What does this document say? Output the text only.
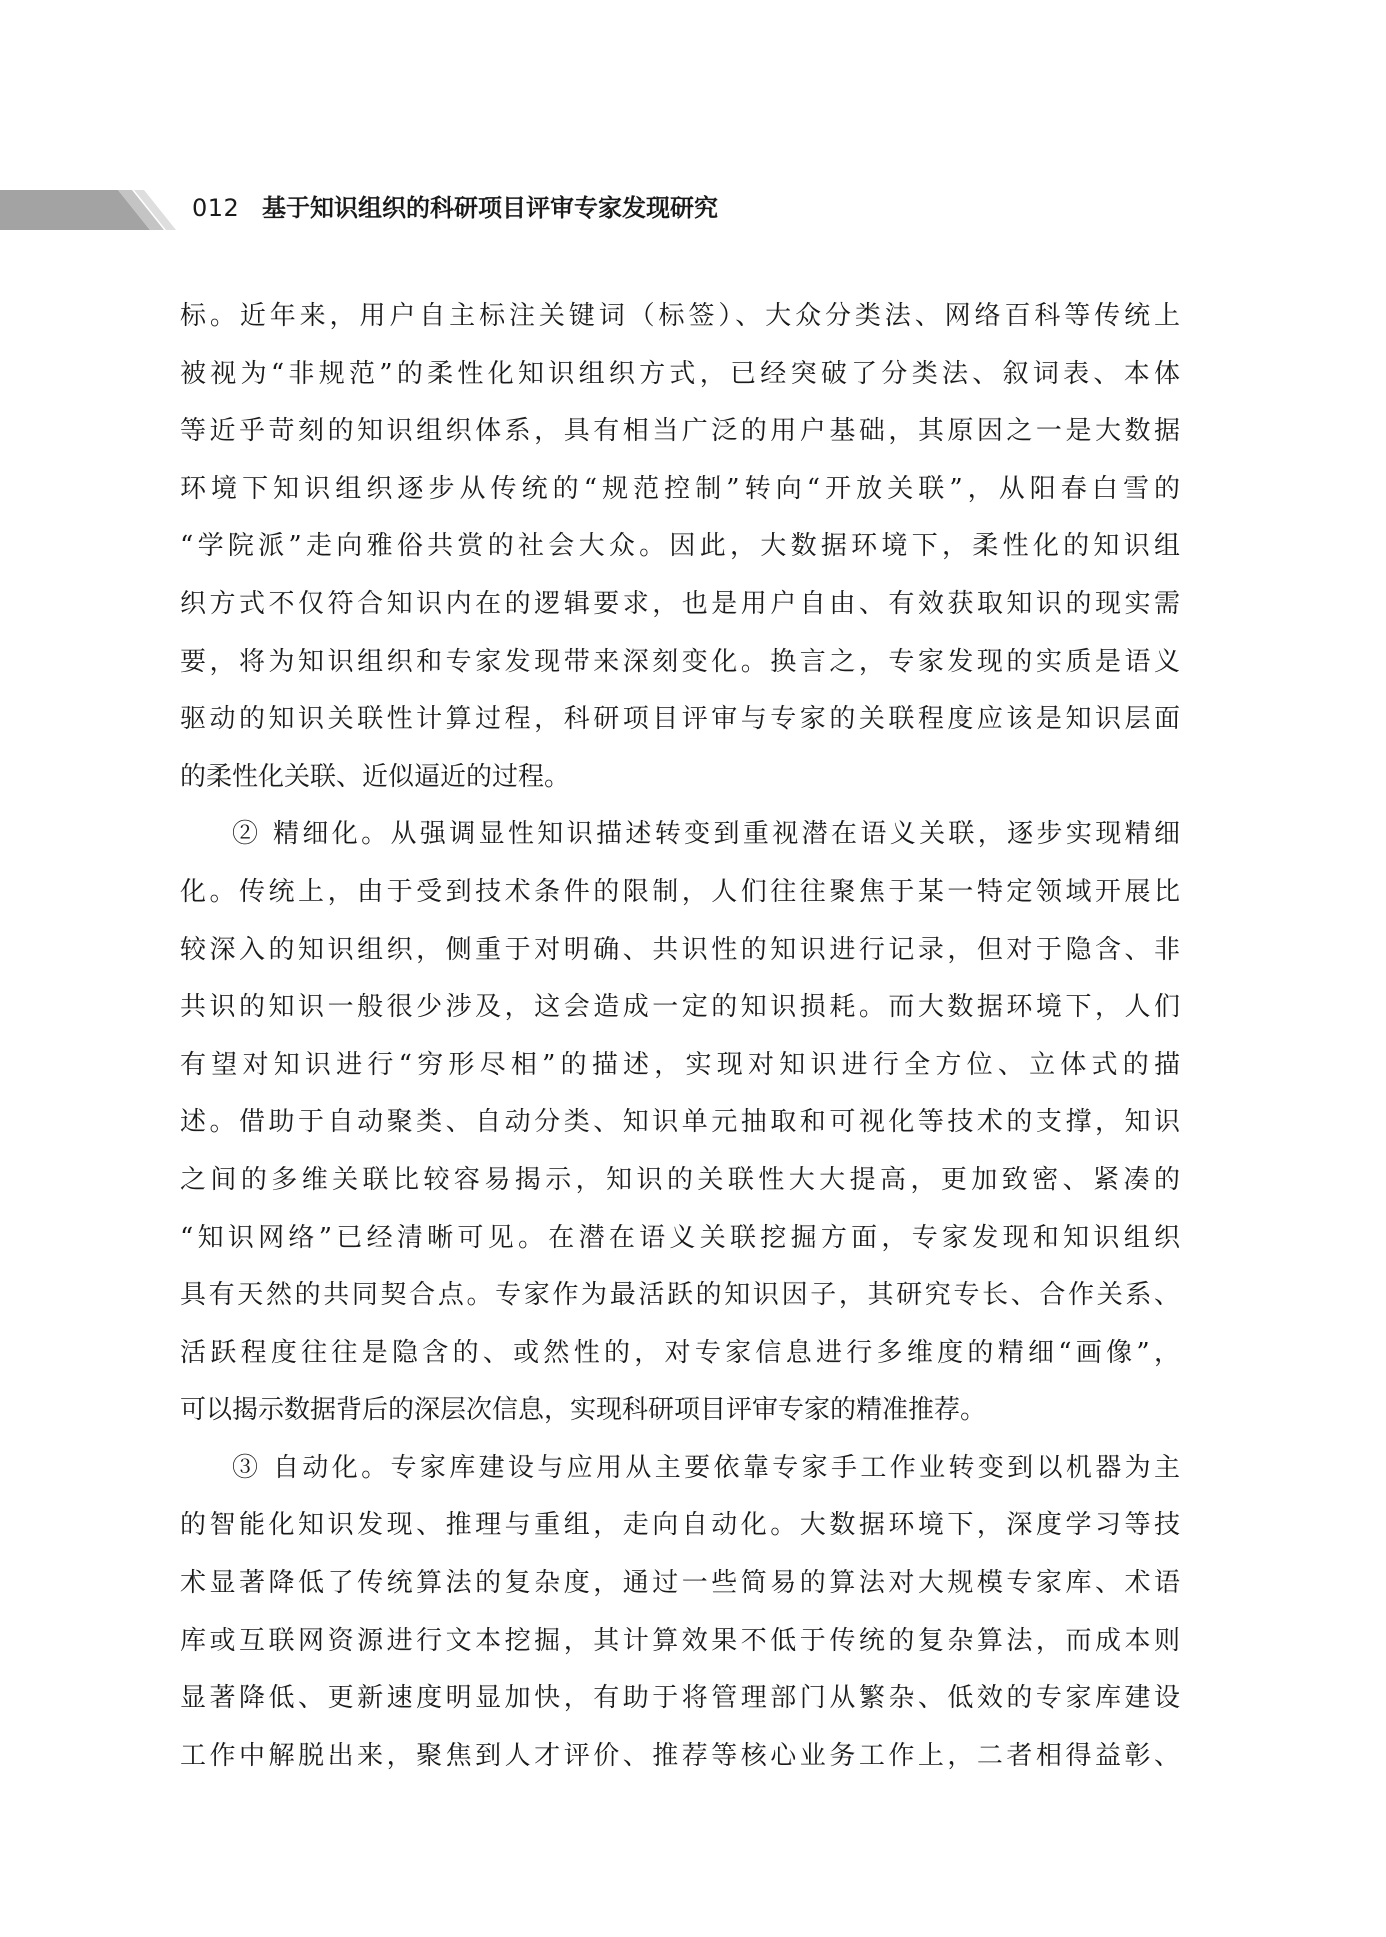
012 基于知识组织的科研项目评审专家发现研究
标。近年来，用户自主标注关键词（标签）、大众分类法、网络百科等传统上
被视为“非规范”的柔性化知识组织方式，已经突破了分类法、叙词表、本体
等近乎苛刻的知识组织体系，具有相当广泛的用户基础，其原因之一是大数据
环境下知识组织逐步从传统的“规范控制”转向“开放关联”，从阳春白雪的
“学院派”走向雅俗共赏的社会大众。因此，大数据环境下，柔性化的知识组
织方式不仅符合知识内在的逻辑要求，也是用户自由、有效获取知识的现实需
要，将为知识组织和专家发现带来深刻变化。换言之，专家发现的实质是语义
驱动的知识关联性计算过程，科研项目评审与专家的关联程度应该是知识层面
的柔性化关联、近似逼近的过程。
② 精细化。从强调显性知识描述转变到重视潜在语义关联，逐步实现精细
化。传统上，由于受到技术条件的限制，人们往往聚焦于某一特定领域开展比
较深入的知识组织，侧重于对明确、共识性的知识进行记录，但对于隐含、非
共识的知识一般很少涉及，这会造成一定的知识损耗。而大数据环境下，人们
有望对知识进行“穷形尽相”的描述，实现对知识进行全方位、立体式的描
述。借助于自动聚类、自动分类、知识单元抽取和可视化等技术的支撑，知识
之间的多维关联比较容易揭示，知识的关联性大大提高，更加致密、紧凑的
“知识网络”已经清晰可见。在潜在语义关联挖掘方面，专家发现和知识组织
具有天然的共同契合点。专家作为最活跃的知识因子，其研究专长、合作关系、
活跃程度往往是隐含的、或然性的，对专家信息进行多维度的精细“画像”，
可以揭示数据背后的深层次信息，实现科研项目评审专家的精准推荐。
③ 自动化。专家库建设与应用从主要依靠专家手工作业转变到以机器为主
的智能化知识发现、推理与重组，走向自动化。大数据环境下，深度学习等技
术显著降低了传统算法的复杂度，通过一些简易的算法对大规模专家库、术语
库或互联网资源进行文本挖掘，其计算效果不低于传统的复杂算法，而成本则
显著降低、更新速度明显加快，有助于将管理部门从繁杂、低效的专家库建设
工作中解脱出来，聚焦到人才评价、推荐等核心业务工作上，二者相得益彰、
